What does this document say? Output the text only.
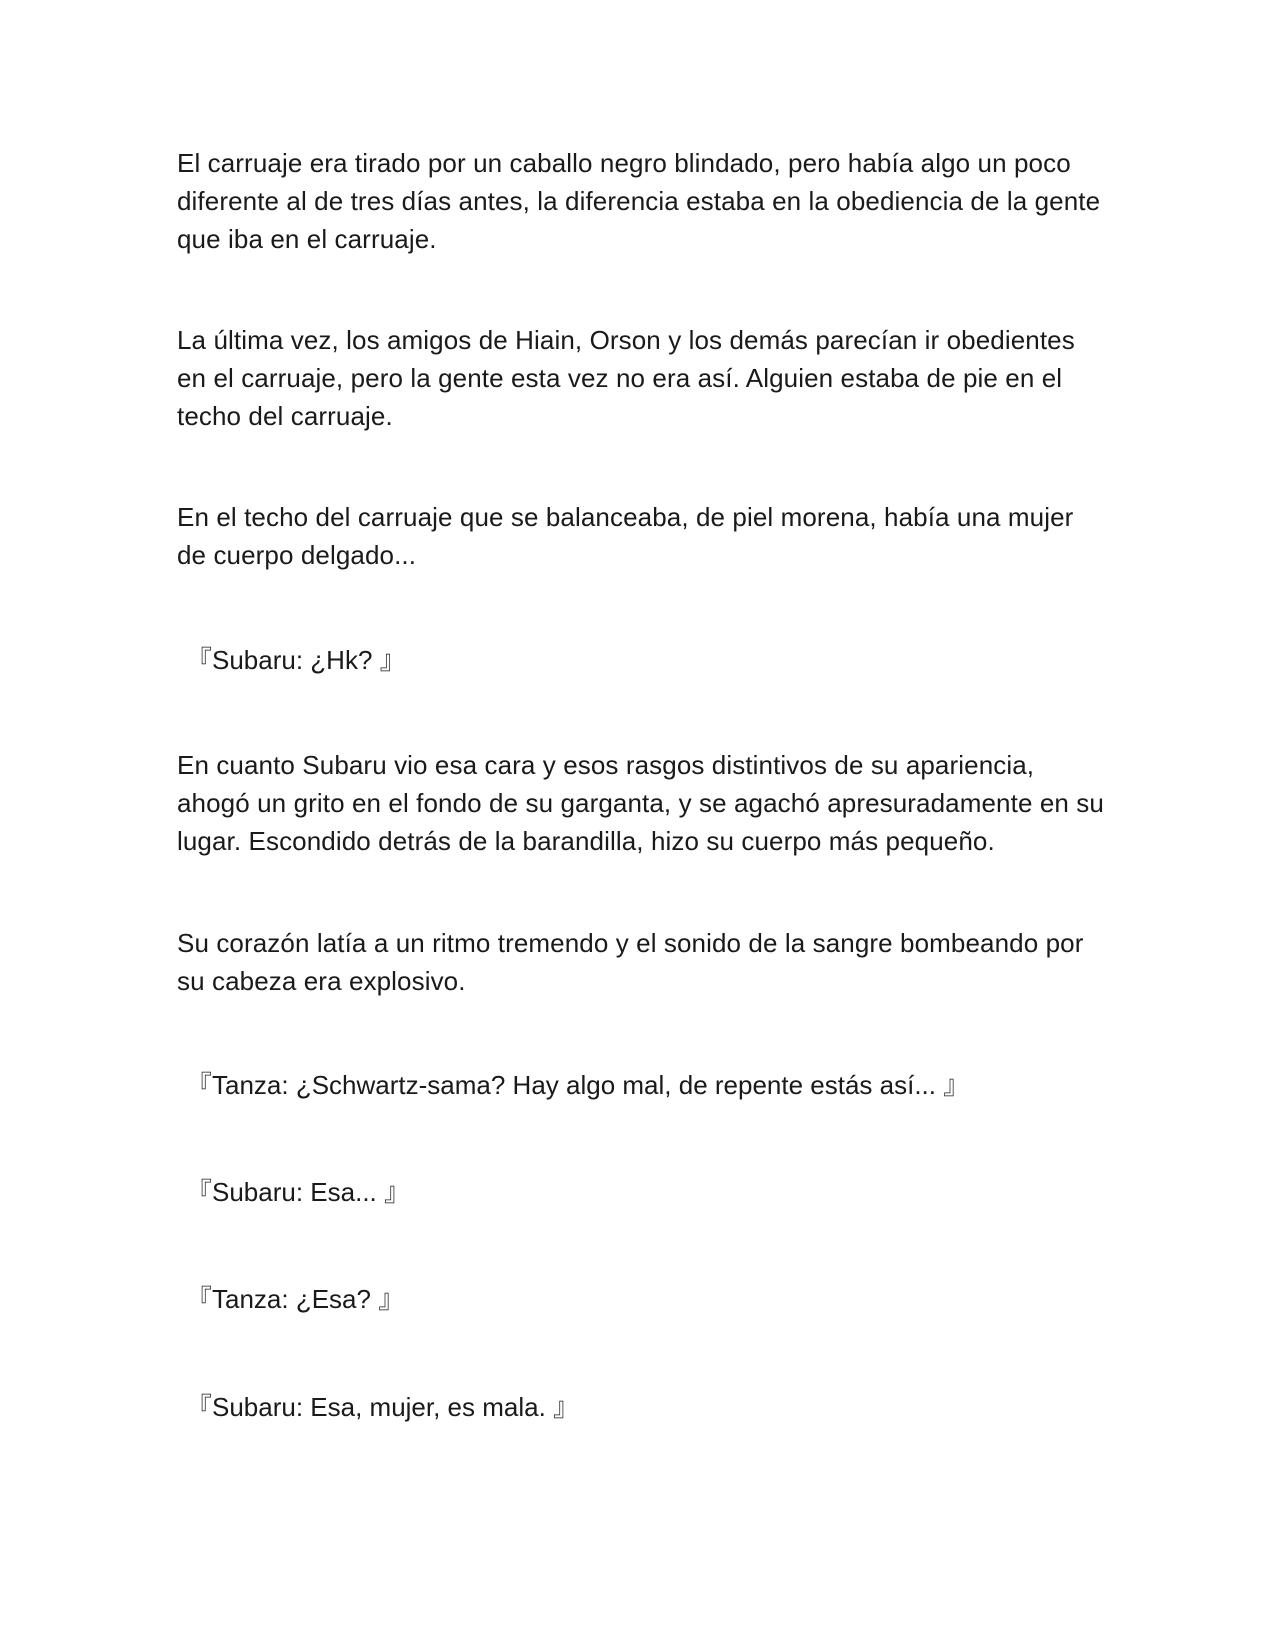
El carruaje era tirado por un caballo negro blindado, pero había algo un poco diferente al de tres días antes, la diferencia estaba en la obediencia de la gente que iba en el carruaje.

La última vez, los amigos de Hiain, Orson y los demás parecían ir obedientes en el carruaje, pero la gente esta vez no era así. Alguien estaba de pie en el techo del carruaje.

En el techo del carruaje que se balanceaba, de piel morena, había una mujer de cuerpo delgado...

『Subaru: ¿Hk? 』

En cuanto Subaru vio esa cara y esos rasgos distintivos de su apariencia, ahogó un grito en el fondo de su garganta, y se agachó apresuradamente en su lugar. Escondido detrás de la barandilla, hizo su cuerpo más pequeño.

Su corazón latía a un ritmo tremendo y el sonido de la sangre bombeando por su cabeza era explosivo.

『Tanza: ¿Schwartz-sama? Hay algo mal, de repente estás así... 』

『Subaru: Esa... 』

『Tanza: ¿Esa? 』

『Subaru: Esa, mujer, es mala. 』
